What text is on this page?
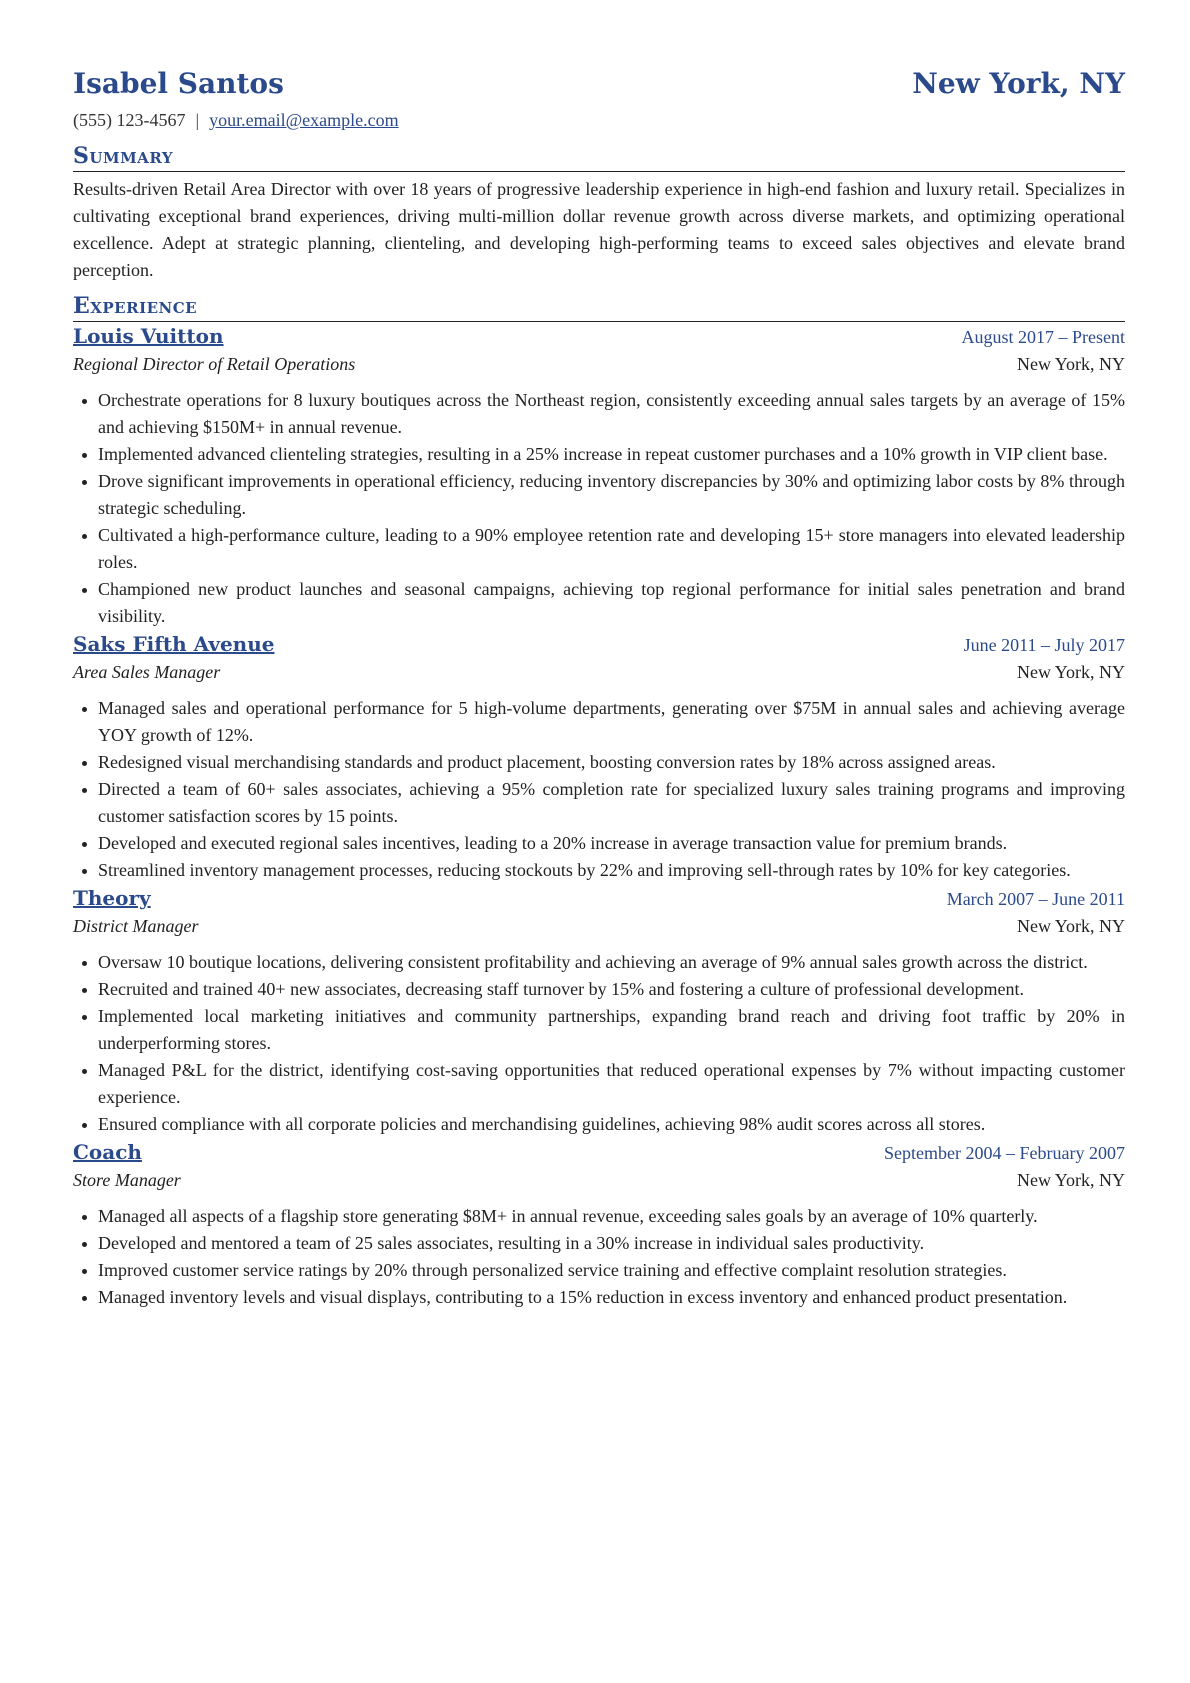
Isabel Santos	New York, NY
(555) 123-4567 | your.email@example.com
Summary
Results-driven Retail Area Director with over 18 years of progressive leadership experience in high-end fashion and luxury retail. Specializes in cultivating exceptional brand experiences, driving multi-million dollar revenue growth across diverse markets, and optimizing operational excellence. Adept at strategic planning, clienteling, and developing high-performing teams to exceed sales objectives and elevate brand perception.
Experience
Louis Vuitton	August 2017 – Present
Regional Director of Retail Operations	New York, NY
Orchestrate operations for 8 luxury boutiques across the Northeast region, consistently exceeding annual sales targets by an average of 15% and achieving $150M+ in annual revenue.
Implemented advanced clienteling strategies, resulting in a 25% increase in repeat customer purchases and a 10% growth in VIP client base.
Drove significant improvements in operational efficiency, reducing inventory discrepancies by 30% and optimizing labor costs by 8% through strategic scheduling.
Cultivated a high-performance culture, leading to a 90% employee retention rate and developing 15+ store managers into elevated leadership roles.
Championed new product launches and seasonal campaigns, achieving top regional performance for initial sales penetration and brand visibility.
Saks Fifth Avenue	June 2011 – July 2017
Area Sales Manager	New York, NY
Managed sales and operational performance for 5 high-volume departments, generating over $75M in annual sales and achieving average YOY growth of 12%.
Redesigned visual merchandising standards and product placement, boosting conversion rates by 18% across assigned areas.
Directed a team of 60+ sales associates, achieving a 95% completion rate for specialized luxury sales training programs and improving customer satisfaction scores by 15 points.
Developed and executed regional sales incentives, leading to a 20% increase in average transaction value for premium brands.
Streamlined inventory management processes, reducing stockouts by 22% and improving sell-through rates by 10% for key categories.
Theory	March 2007 – June 2011
District Manager	New York, NY
Oversaw 10 boutique locations, delivering consistent profitability and achieving an average of 9% annual sales growth across the district.
Recruited and trained 40+ new associates, decreasing staff turnover by 15% and fostering a culture of professional development.
Implemented local marketing initiatives and community partnerships, expanding brand reach and driving foot traffic by 20% in underperforming stores.
Managed P&L for the district, identifying cost-saving opportunities that reduced operational expenses by 7% without impacting customer experience.
Ensured compliance with all corporate policies and merchandising guidelines, achieving 98% audit scores across all stores.
Coach	September 2004 – February 2007
Store Manager	New York, NY
Managed all aspects of a flagship store generating $8M+ in annual revenue, exceeding sales goals by an average of 10% quarterly.
Developed and mentored a team of 25 sales associates, resulting in a 30% increase in individual sales productivity.
Improved customer service ratings by 20% through personalized service training and effective complaint resolution strategies.
Managed inventory levels and visual displays, contributing to a 15% reduction in excess inventory and enhanced product presentation.
